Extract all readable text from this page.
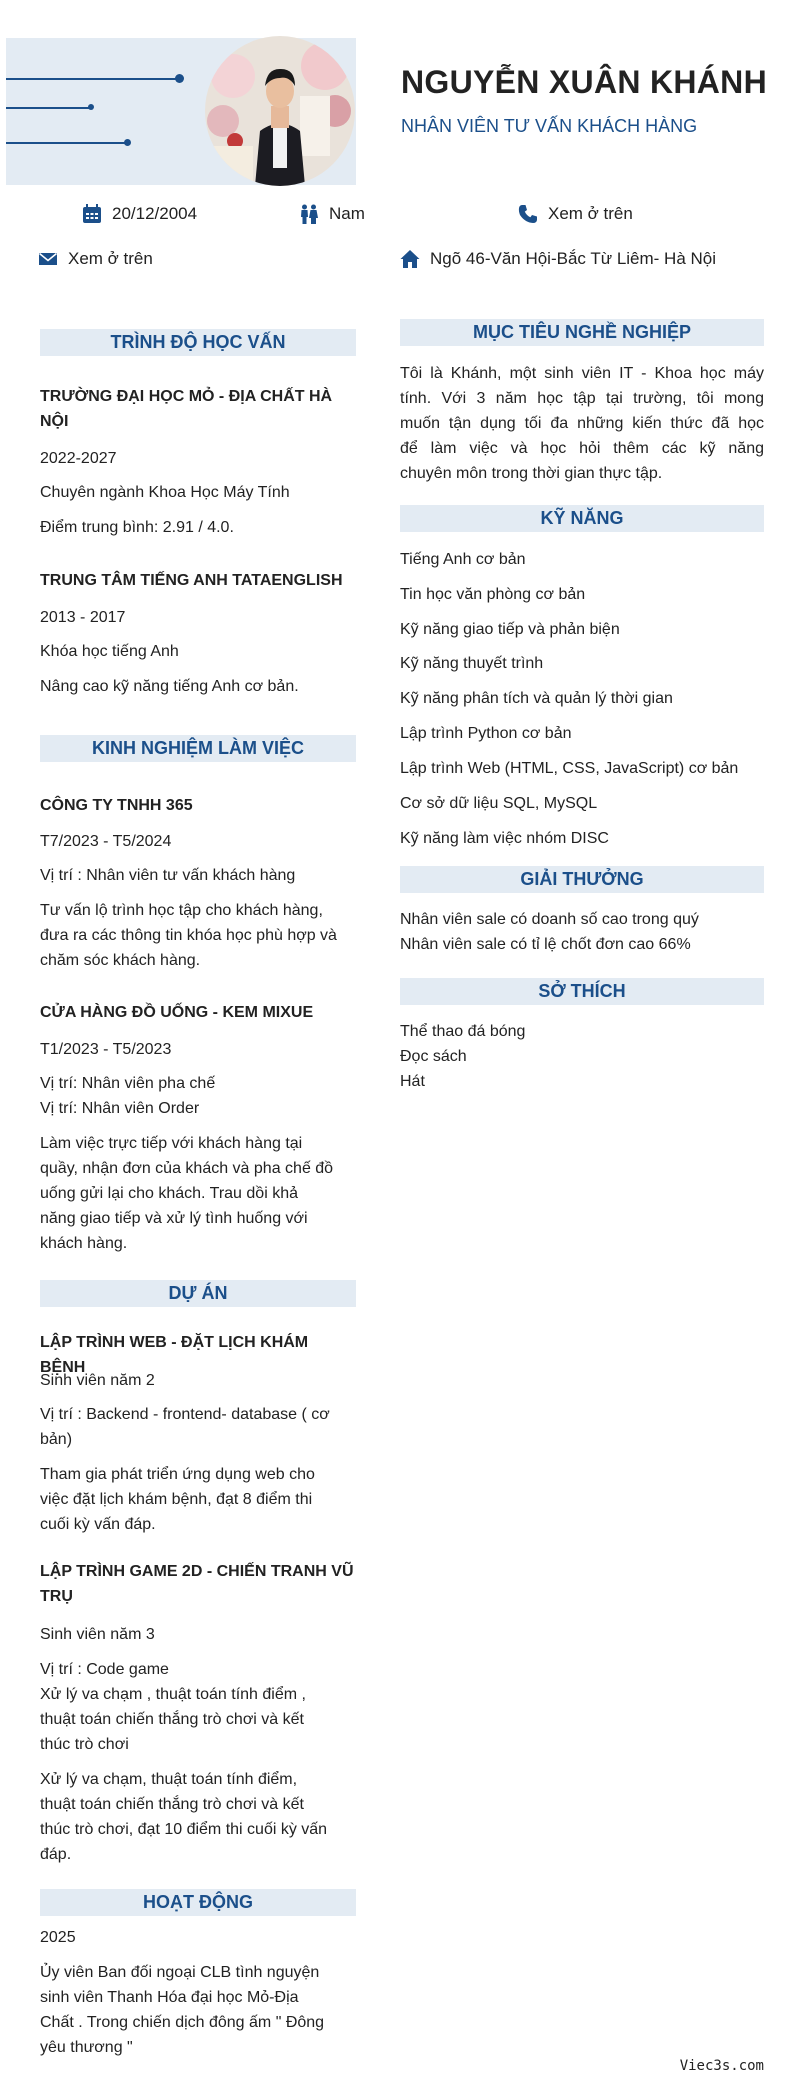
NGUYỄN XUÂN KHÁNH
NHÂN VIÊN TƯ VẤN KHÁCH HÀNG
20/12/2004	Nam	Xem ở trên
Xem ở trên	Ngõ 46-Văn Hội-Bắc Từ Liêm- Hà Nội
TRÌNH ĐỘ HỌC VẤN
TRƯỜNG ĐẠI HỌC MỎ - ĐỊA CHẤT HÀ
NỘI
2022-2027
Chuyên ngành Khoa Học Máy Tính
Điểm trung bình: 2.91 / 4.0.
TRUNG TÂM TIẾNG ANH TATAENGLISH
2013 - 2017
Khóa học tiếng Anh
Nâng cao kỹ năng tiếng Anh cơ bản.
KINH NGHIỆM LÀM VIỆC
CÔNG TY TNHH 365
T7/2023 - T5/2024
Vị trí : Nhân viên tư vấn khách hàng
Tư vấn lộ trình học tập cho khách hàng,
đưa ra các thông tin khóa học phù hợp và
chăm sóc khách hàng.
CỬA HÀNG ĐỒ UỐNG - KEM MIXUE
T1/2023 - T5/2023
Vị trí: Nhân viên pha chế
Vị trí: Nhân viên Order
Làm việc trực tiếp với khách hàng tại
quầy, nhận đơn của khách và pha chế đồ
uống gửi lại cho khách. Trau dồi khả
năng giao tiếp và xử lý tình huống với
khách hàng.
DỰ ÁN
LẬP TRÌNH WEB - ĐẶT LỊCH KHÁM BỆNH
Sinh viên năm 2
Vị trí : Backend - frontend- database ( cơ
bản)
Tham gia phát triển ứng dụng web cho
việc đặt lịch khám bệnh, đạt 8 điểm thi
cuối kỳ vấn đáp.
LẬP TRÌNH GAME 2D - CHIẾN TRANH VŨ
TRỤ
Sinh viên năm 3
Vị trí : Code game
Xử lý va chạm , thuật toán tính điểm ,
thuật toán chiến thắng trò chơi và kết
thúc trò chơi
Xử lý va chạm, thuật toán tính điểm,
thuật toán chiến thắng trò chơi và kết
thúc trò chơi, đạt 10 điểm thi cuối kỳ vấn
đáp.
HOẠT ĐỘNG
2025
Ủy viên Ban đối ngoại CLB tình nguyện
sinh viên Thanh Hóa đại học Mỏ-Địa
Chất . Trong chiến dịch đông ấm " Đông
yêu thương "
MỤC TIÊU NGHỀ NGHIỆP
Tôi là Khánh, một sinh viên IT - Khoa học máy
tính. Với 3 năm học tập tại trường, tôi mong
muốn tận dụng tối đa những kiến thức đã học
để làm việc và học hỏi thêm các kỹ năng
chuyên môn trong thời gian thực tập.
KỸ NĂNG
Tiếng Anh cơ bản
Tin học văn phòng cơ bản
Kỹ năng giao tiếp và phản biện
Kỹ năng thuyết trình
Kỹ năng phân tích và quản lý thời gian
Lập trình Python cơ bản
Lập trình Web (HTML, CSS, JavaScript) cơ bản
Cơ sở dữ liệu SQL, MySQL
Kỹ năng làm việc nhóm DISC
GIẢI THƯỞNG
Nhân viên sale có doanh số cao trong quý
Nhân viên sale có tỉ lệ chốt đơn cao 66%
SỞ THÍCH
Thể thao đá bóng
Đọc sách
Hát
Viec3s.com
